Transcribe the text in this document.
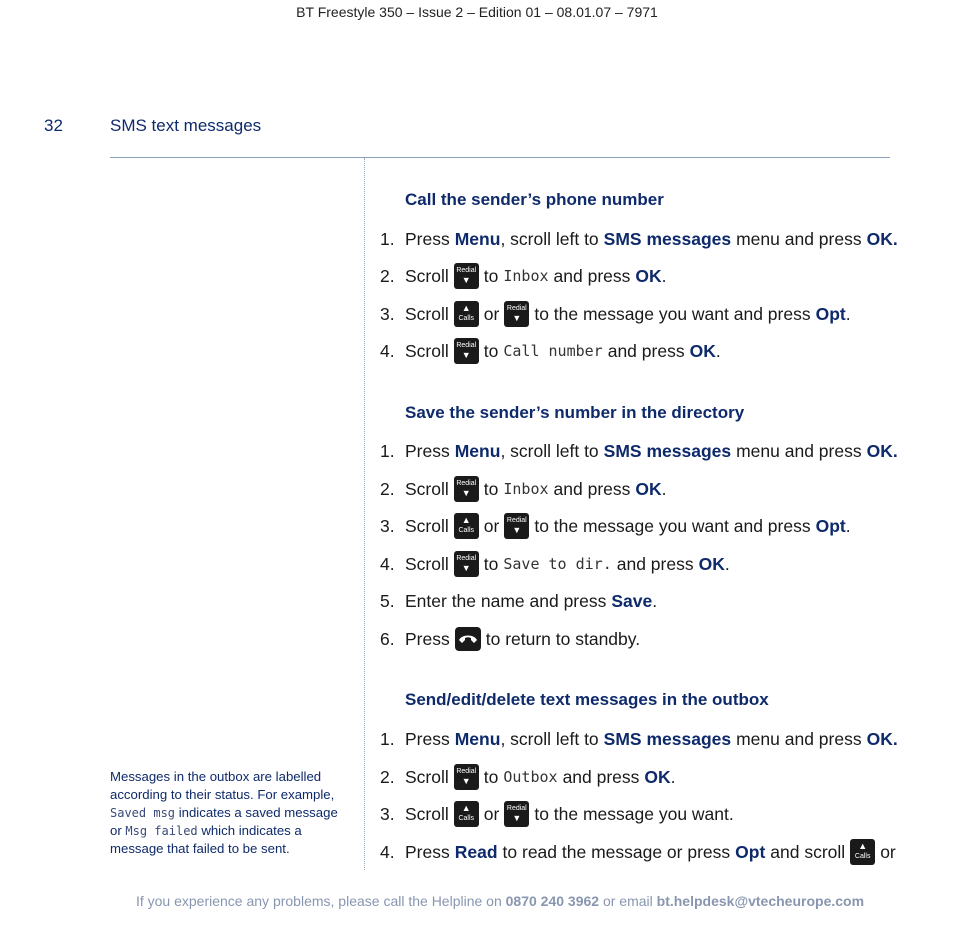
BT Freestyle 350 – Issue 2 – Edition 01 – 08.01.07 – 7971
32	SMS text messages
Messages in the outbox are labelled according to their status. For example, Saved msg indicates a saved message or Msg failed which indicates a message that failed to be sent.
Call the sender’s phone number
1. Press Menu , scroll left to SMS messages menu and press OK.
2. Scroll	Redial
▼ to Inbox and press OK .
3. Scroll	▲
Calls or	Redial
▼ to the message you want and press Opt .
4. Scroll	Redial
▼ to Call number and press OK .
Save the sender’s number in the directory
1. Press Menu , scroll left to SMS messages menu and press OK.
2. Scroll	Redial
▼ to Inbox and press OK .
3. Scroll	▲
Calls or	Redial
▼ to the message you want and press Opt .
4. Scroll	Redial
▼ to Save to dir. and press OK .
5. Enter the name and press Save .
6. Press to return to standby.
Send/edit/delete text messages in the outbox
1. Press Menu , scroll left to SMS messages menu and press OK.
2. Scroll	Redial
▼ to Outbox and press OK .
3. Scroll	▲
Calls or	Redial
▼ to the message you want.
4. Press Read to read the message or press Opt and scroll	▲
Calls or
If you experience any problems, please call the Helpline on 0870 240 3962 or email bt.helpdesk@vtecheurope.com
